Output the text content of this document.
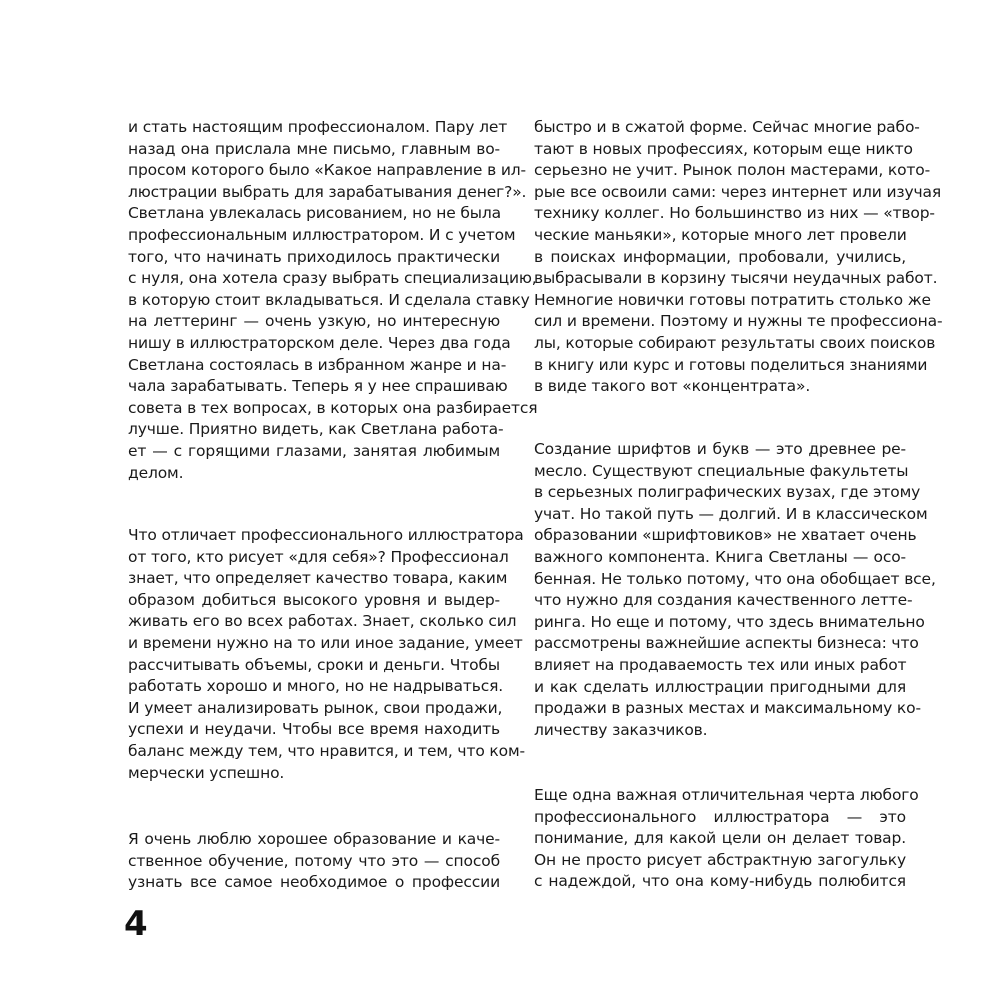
и стать настоящим профессионалом. Пару лет
назад она прислала мне письмо, главным во-
просом которого было «Какое направление в ил-
люстрации выбрать для зарабатывания денег?».
Светлана увлекалась рисованием, но не была
профессиональным иллюстратором. И с учетом
того, что начинать приходилось практически
с нуля, она хотела сразу выбрать специализацию,
в которую стоит вкладываться. И сделала ставку
на леттеринг — очень узкую, но интересную
нишу в иллюстраторском деле. Через два года
Светлана состоялась в избранном жанре и на-
чала зарабатывать. Теперь я у нее спрашиваю
совета в тех вопросах, в которых она разбирается
лучше. Приятно видеть, как Светлана работа-
ет — с горящими глазами, занятая любимым
делом.

Что отличает профессионального иллюстратора
от того, кто рисует «для себя»? Профессионал
знает, что определяет качество товара, каким
образом добиться высокого уровня и выдер-
живать его во всех работах. Знает, сколько сил
и времени нужно на то или иное задание, умеет
рассчитывать объемы, сроки и деньги. Чтобы
работать хорошо и много, но не надрываться.
И умеет анализировать рынок, свои продажи,
успехи и неудачи. Чтобы все время находить
баланс между тем, что нравится, и тем, что ком-
мерчески успешно.

Я очень люблю хорошее образование и каче-
ственное обучение, потому что это — способ
узнать все самое необходимое о профессии

быстро и в сжатой форме. Сейчас многие рабо-
тают в новых профессиях, которым еще никто
серьезно не учит. Рынок полон мастерами, кото-
рые все освоили сами: через интернет или изучая
технику коллег. Но большинство из них — «твор-
ческие маньяки», которые много лет провели
в поисках информации, пробовали, учились,
выбрасывали в корзину тысячи неудачных работ.
Немногие новички готовы потратить столько же
сил и времени. Поэтому и нужны те профессиона-
лы, которые собирают результаты своих поисков
в книгу или курс и готовы поделиться знаниями
в виде такого вот «концентрата».

Создание шрифтов и букв — это древнее ре-
месло. Существуют специальные факультеты
в серьезных полиграфических вузах, где этому
учат. Но такой путь — долгий. И в классическом
образовании «шрифтовиков» не хватает очень
важного компонента. Книга Светланы — осо-
бенная. Не только потому, что она обобщает все,
что нужно для создания качественного летте-
ринга. Но еще и потому, что здесь внимательно
рассмотрены важнейшие аспекты бизнеса: что
влияет на продаваемость тех или иных работ
и как сделать иллюстрации пригодными для
продажи в разных местах и максимальному ко-
личеству заказчиков.

Еще одна важная отличительная черта любого
профессионального иллюстратора — это
понимание, для какой цели он делает товар.
Он не просто рисует абстрактную загогульку
с надеждой, что она кому-нибудь полюбится

4
